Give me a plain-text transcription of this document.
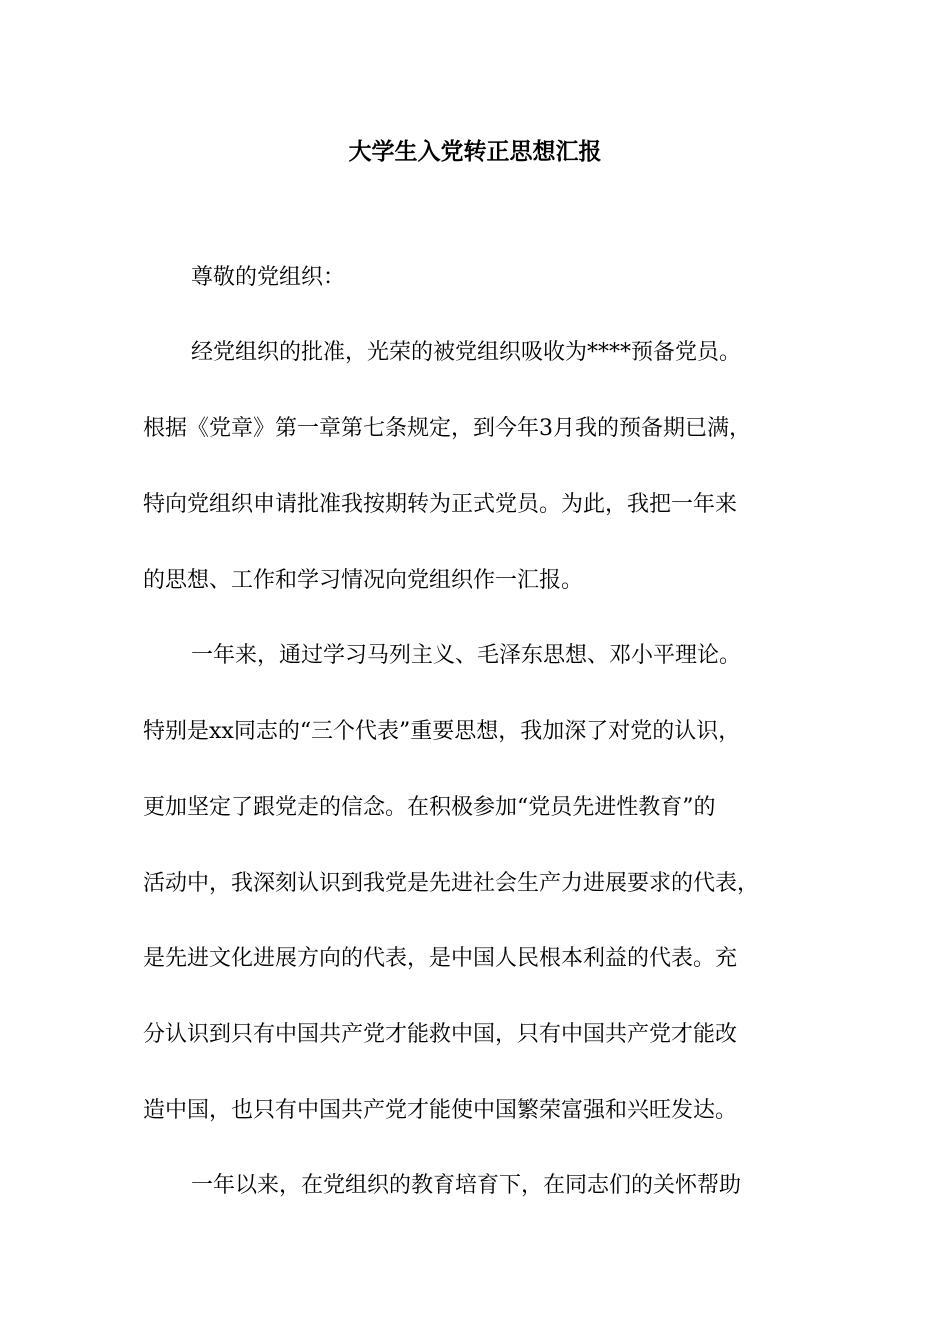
大学生入党转正思想汇报
尊敬的党组织：
经党组织的批准，光荣的被党组织吸收为****预备党员。
根据《党章》第一章第七条规定，到今年3月我的预备期已满，
特向党组织申请批准我按期转为正式党员。为此，我把一年来
的思想、工作和学习情况向党组织作一汇报。
一年来，通过学习马列主义、毛泽东思想、邓小平理论。
特别是xx同志的“三个代表”重要思想，我加深了对党的认识，
更加坚定了跟党走的信念。在积极参加“党员先进性教育”的
活动中，我深刻认识到我党是先进社会生产力进展要求的代表，
是先进文化进展方向的代表，是中国人民根本利益的代表。充
分认识到只有中国共产党才能救中国，只有中国共产党才能改
造中国，也只有中国共产党才能使中国繁荣富强和兴旺发达。
一年以来，在党组织的教育培育下，在同志们的关怀帮助
